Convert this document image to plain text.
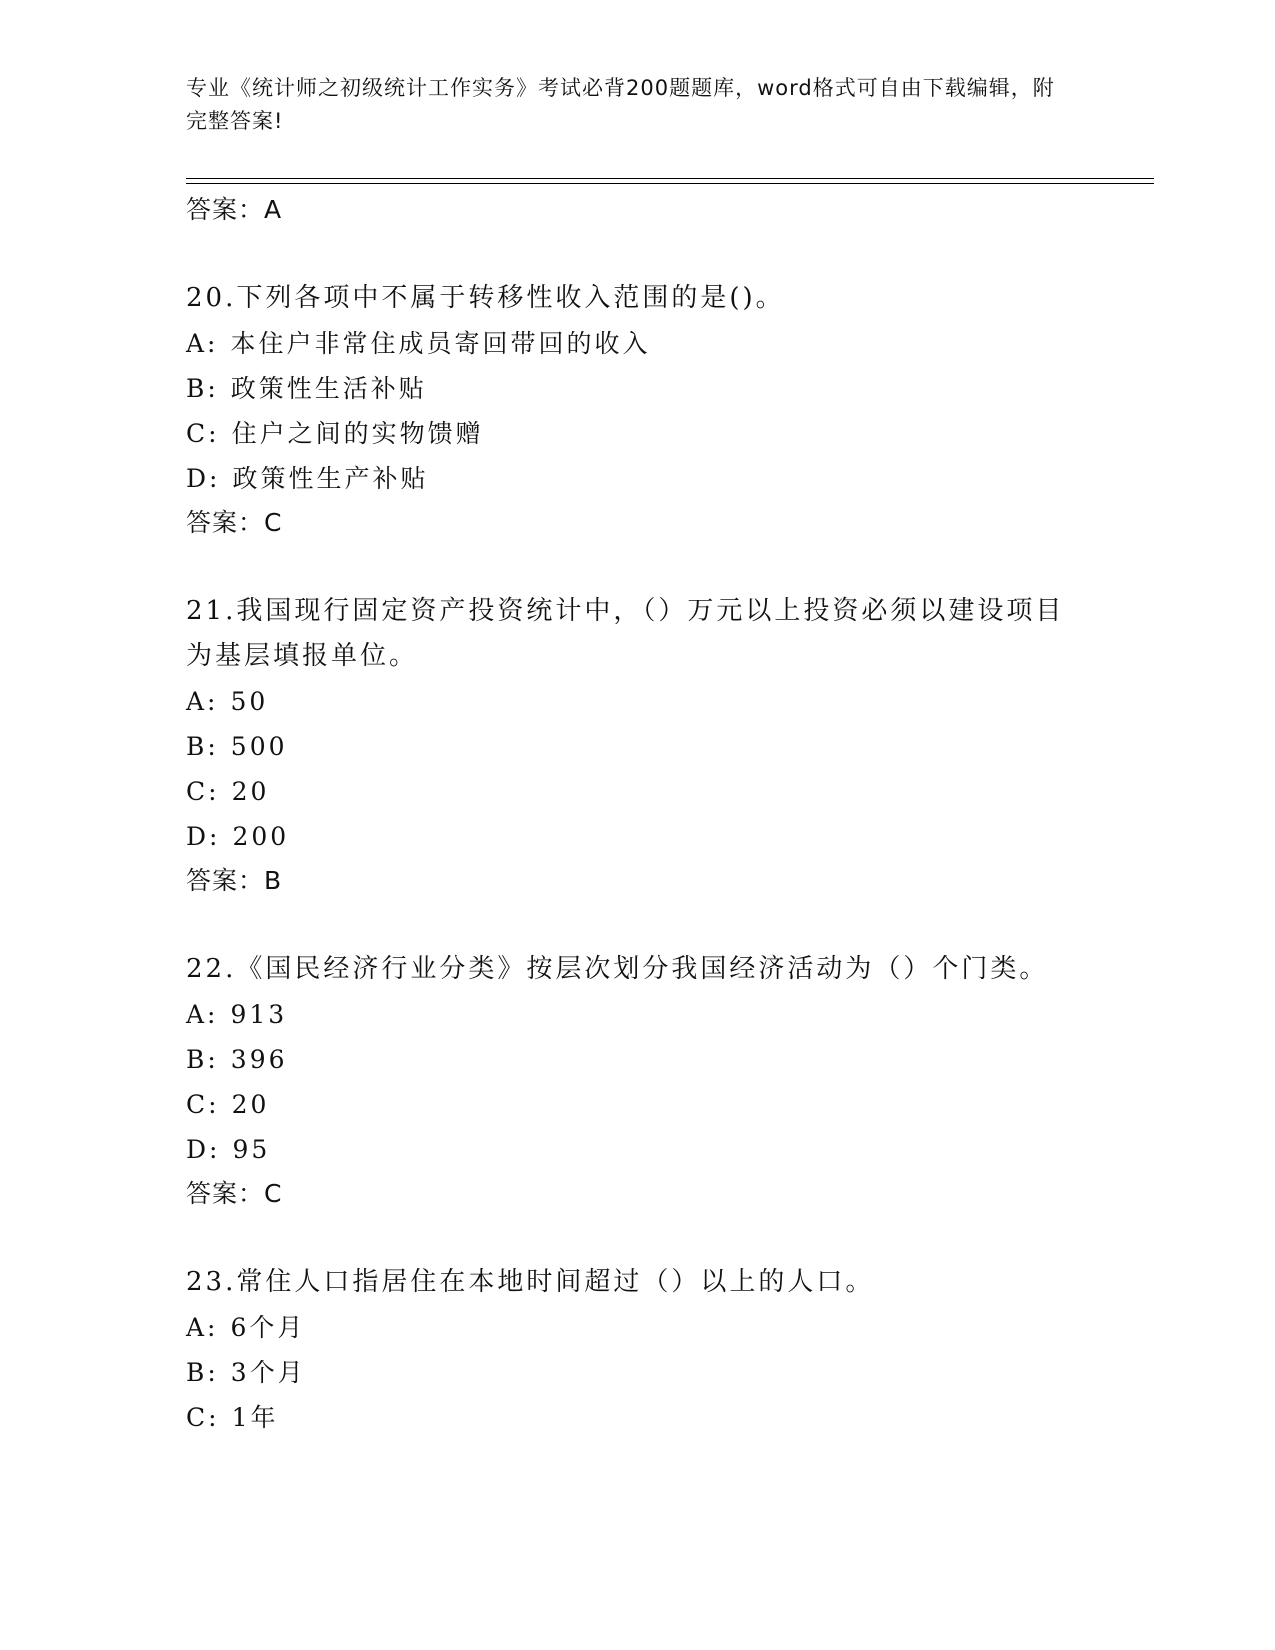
专业《统计师之初级统计工作实务》考试必背200题题库，word格式可自由下载编辑，附完整答案!
答案：A
20.下列各项中不属于转移性收入范围的是()。
A: 本住户非常住成员寄回带回的收入
B: 政策性生活补贴
C: 住户之间的实物馈赠
D: 政策性生产补贴
答案：C
21.我国现行固定资产投资统计中，（）万元以上投资必须以建设项目为基层填报单位。
A: 50
B: 500
C: 20
D: 200
答案：B
22.《国民经济行业分类》按层次划分我国经济活动为（）个门类。
A: 913
B: 396
C: 20
D: 95
答案：C
23.常住人口指居住在本地时间超过（）以上的人口。
A: 6个月
B: 3个月
C: 1年
